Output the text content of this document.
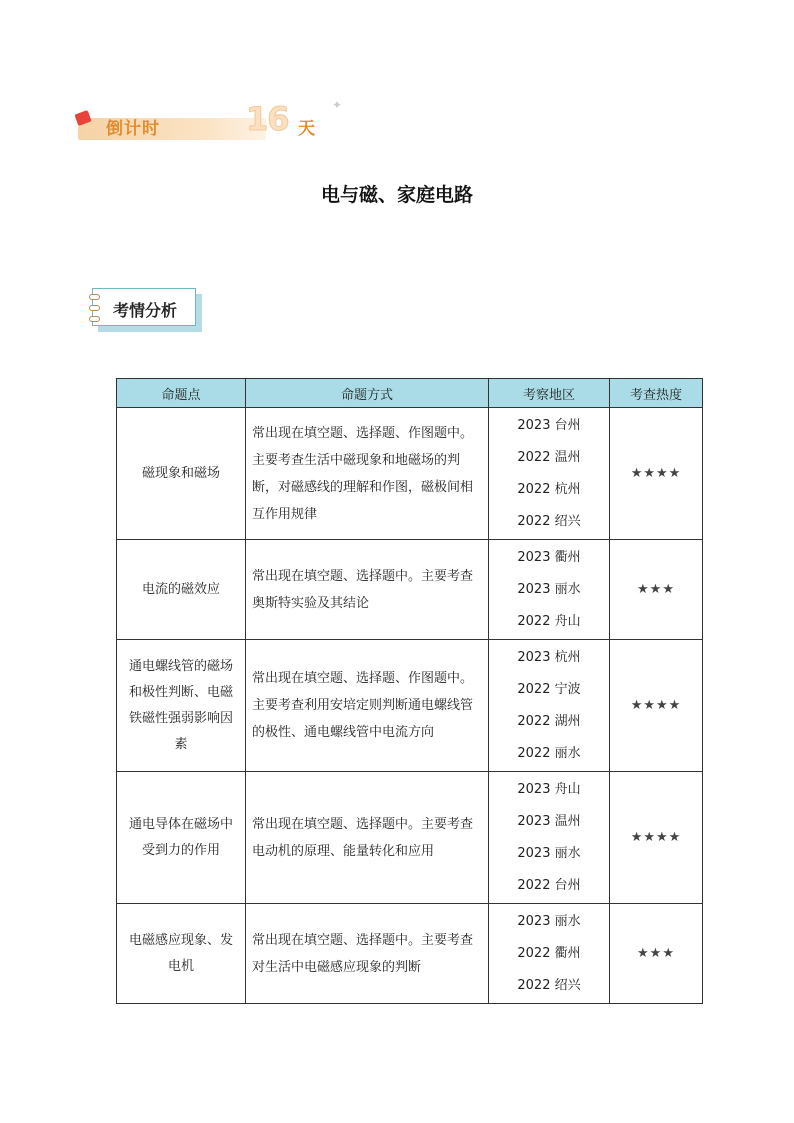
倒计时	16 天
✦
电与磁、家庭电路
考情分析
命题点	命题方式	考察地区	考查热度
磁现象和磁场	常出现在填空题、选择题、作图题中。主要考查生活中磁现象和地磁场的判断，对磁感线的理解和作图，磁极间相互作用规律	2023 台州
2022 温州
2022 杭州
2022 绍兴	★★★★
电流的磁效应	常出现在填空题、选择题中。主要考查奥斯特实验及其结论	2023 衢州
2023 丽水
2022 舟山	★★★
通电螺线管的磁场和极性判断、电磁铁磁性强弱影响因素	常出现在填空题、选择题、作图题中。主要考查利用安培定则判断通电螺线管的极性、通电螺线管中电流方向	2023 杭州
2022 宁波
2022 湖州
2022 丽水	★★★★
通电导体在磁场中受到力的作用	常出现在填空题、选择题中。主要考查电动机的原理、能量转化和应用	2023 舟山
2023 温州
2023 丽水
2022 台州	★★★★
电磁感应现象、发电机	常出现在填空题、选择题中。主要考查对生活中电磁感应现象的判断	2023 丽水
2022 衢州
2022 绍兴	★★★
